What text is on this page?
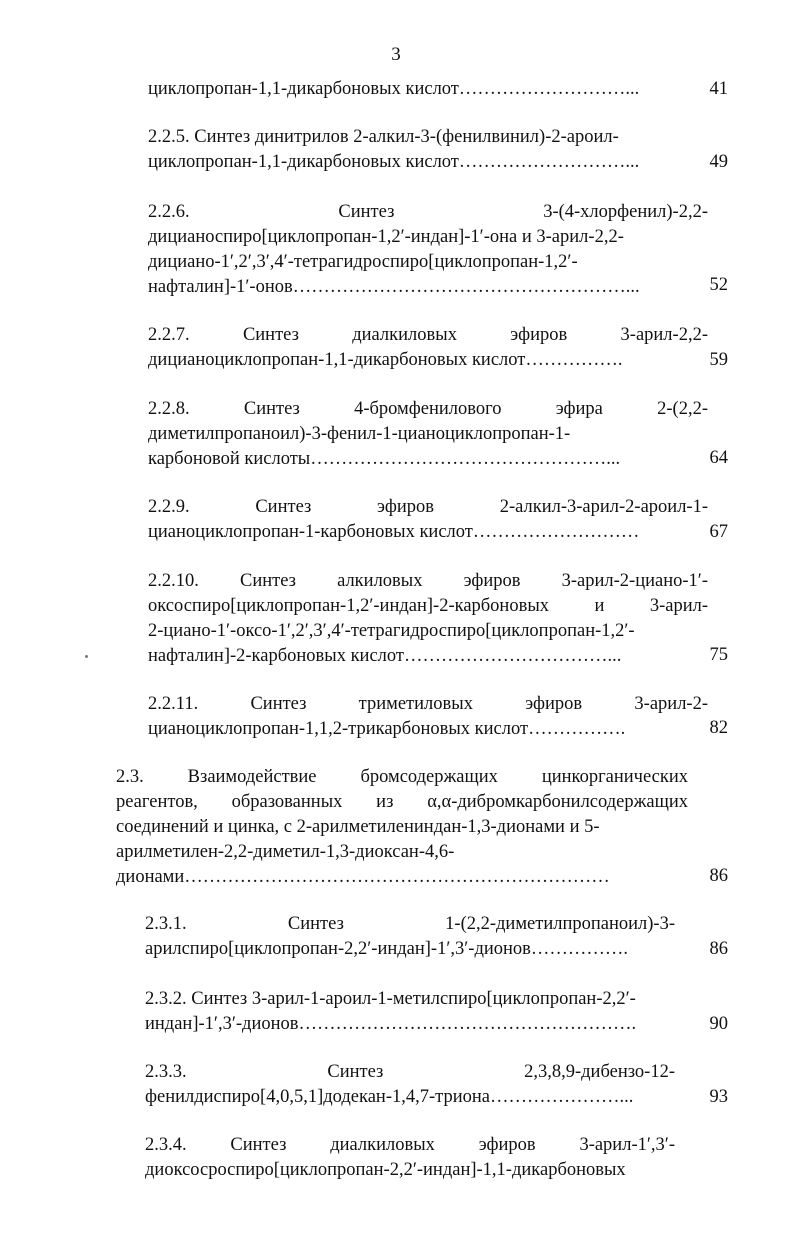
3
циклопропан-1,1-дикарбоновых кислот………………………...	41
2.2.5. Синтез динитрилов 2-алкил-3-(фенилвинил)-2-ароил-
циклопропан-1,1-дикарбоновых кислот………………………...	49
2.2.6. Синтез 3-(4-хлорфенил)-2,2-
дицианоспиро[циклопропан-1,2′-индан]-1′-она и 3-арил-2,2-
дициано-1′,2′,3′,4′-тетрагидроспиро[циклопропан-1,2′-
нафталин]-1′-онов………………………………………………...	52
2.2.7. Синтез диалкиловых эфиров 3-арил-2,2-
дицианоциклопропан-1,1-дикарбоновых кислот…………….	59
2.2.8. Синтез 4-бромфенилового эфира 2-(2,2-
диметилпропаноил)-3-фенил-1-цианоциклопропан-1-
карбоновой кислоты…………………………………………...	64
2.2.9. Синтез эфиров 2-алкил-3-арил-2-ароил-1-
цианоциклопропан-1-карбоновых кислот………………………	67
2.2.10. Синтез алкиловых эфиров 3-арил-2-циано-1′-
оксоспиро[циклопропан-1,2′-индан]-2-карбоновых и 3-арил-
2-циано-1′-оксо-1′,2′,3′,4′-тетрагидроспиро[циклопропан-1,2′-
нафталин]-2-карбоновых кислот……………………………...	75
2.2.11. Синтез триметиловых эфиров 3-арил-2-
цианоциклопропан-1,1,2-трикарбоновых кислот…………….	82
2.3. Взаимодействие бромсодержащих цинкорганических
реагентов, образованных из α,α-дибромкарбонилсодержащих
соединений и цинка, с 2-арилметилениндан-1,3-дионами и 5-
арилметилен-2,2-диметил-1,3-диоксан-4,6-
дионами……………………………………………………………	86
2.3.1. Синтез 1-(2,2-диметилпропаноил)-3-
арилспиро[циклопропан-2,2′-индан]-1′,3′-дионов…………….	86
2.3.2. Синтез 3-арил-1-ароил-1-метилспиро[циклопропан-2,2′-
индан]-1′,3′-дионов……………………………………………….	90
2.3.3. Синтез 2,3,8,9-дибензо-12-
фенилдиспиро[4,0,5,1]додекан-1,4,7-триона…………………...	93
2.3.4. Синтез диалкиловых эфиров 3-арил-1′,3′-
диоксосроспиро[циклопропан-2,2′-индан]-1,1-дикарбоновых
